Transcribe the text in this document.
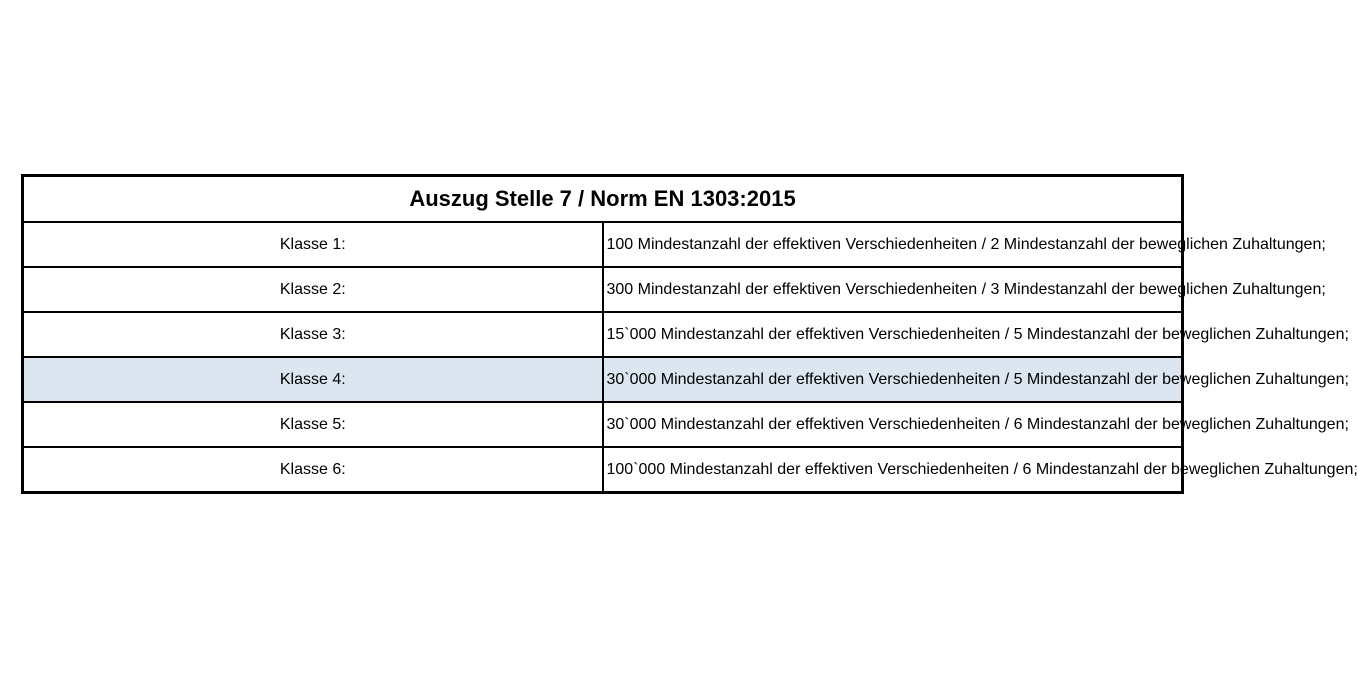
Auszug Stelle 7 / Norm EN 1303:2015	
Klasse 1:	100 Mindestanzahl der effektiven Verschiedenheiten / 2 Mindestanzahl der beweglichen Zuhaltungen;
Klasse 2:	300 Mindestanzahl der effektiven Verschiedenheiten / 3 Mindestanzahl der beweglichen Zuhaltungen;
Klasse 3:	15`000 Mindestanzahl der effektiven Verschiedenheiten / 5 Mindestanzahl der beweglichen Zuhaltungen;
Klasse 4:	30`000 Mindestanzahl der effektiven Verschiedenheiten / 5 Mindestanzahl der beweglichen Zuhaltungen;
Klasse 5:	30`000 Mindestanzahl der effektiven Verschiedenheiten / 6 Mindestanzahl der beweglichen Zuhaltungen;
Klasse 6:	100`000 Mindestanzahl der effektiven Verschiedenheiten / 6 Mindestanzahl der beweglichen Zuhaltungen;
